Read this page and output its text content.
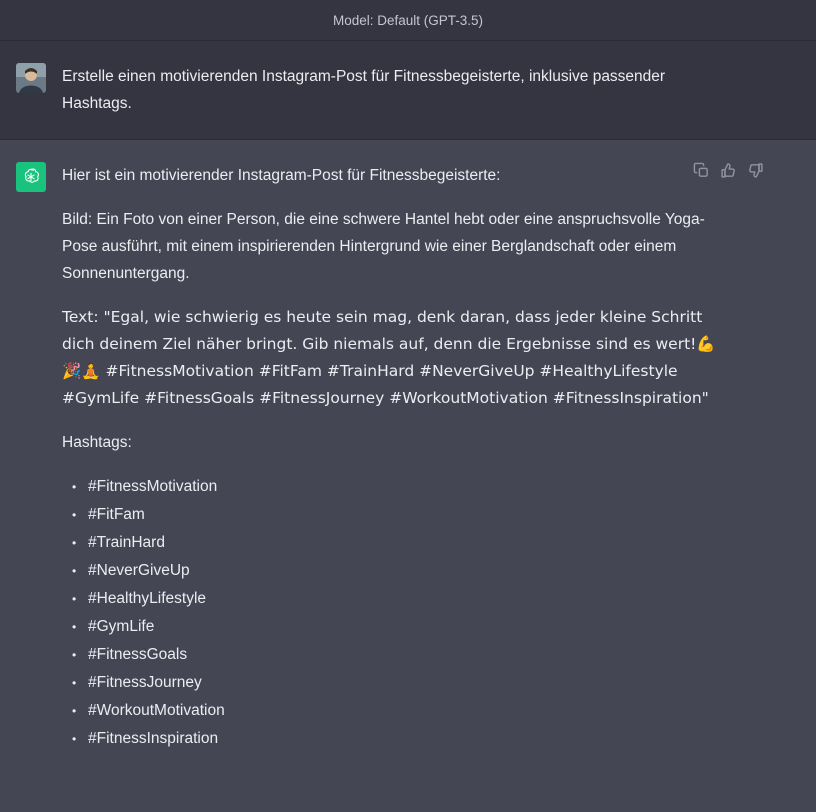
Model: Default (GPT-3.5)

Erstelle einen motivierenden Instagram-Post für Fitnessbegeisterte, inklusive passender Hashtags.

Hier ist ein motivierender Instagram-Post für Fitnessbegeisterte:

Bild: Ein Foto von einer Person, die eine schwere Hantel hebt oder eine anspruchsvolle Yoga-Pose ausführt, mit einem inspirierenden Hintergrund wie einer Berglandschaft oder einem Sonnenuntergang.

Text: "Egal, wie schwierig es heute sein mag, denk daran, dass jeder kleine Schritt dich deinem Ziel näher bringt. Gib niemals auf, denn die Ergebnisse sind es wert!💪🎉🧘 #FitnessMotivation #FitFam #TrainHard #NeverGiveUp #HealthyLifestyle #GymLife #FitnessGoals #FitnessJourney #WorkoutMotivation #FitnessInspiration"

Hashtags:

• #FitnessMotivation
• #FitFam
• #TrainHard
• #NeverGiveUp
• #HealthyLifestyle
• #GymLife
• #FitnessGoals
• #FitnessJourney
• #WorkoutMotivation
• #FitnessInspiration
